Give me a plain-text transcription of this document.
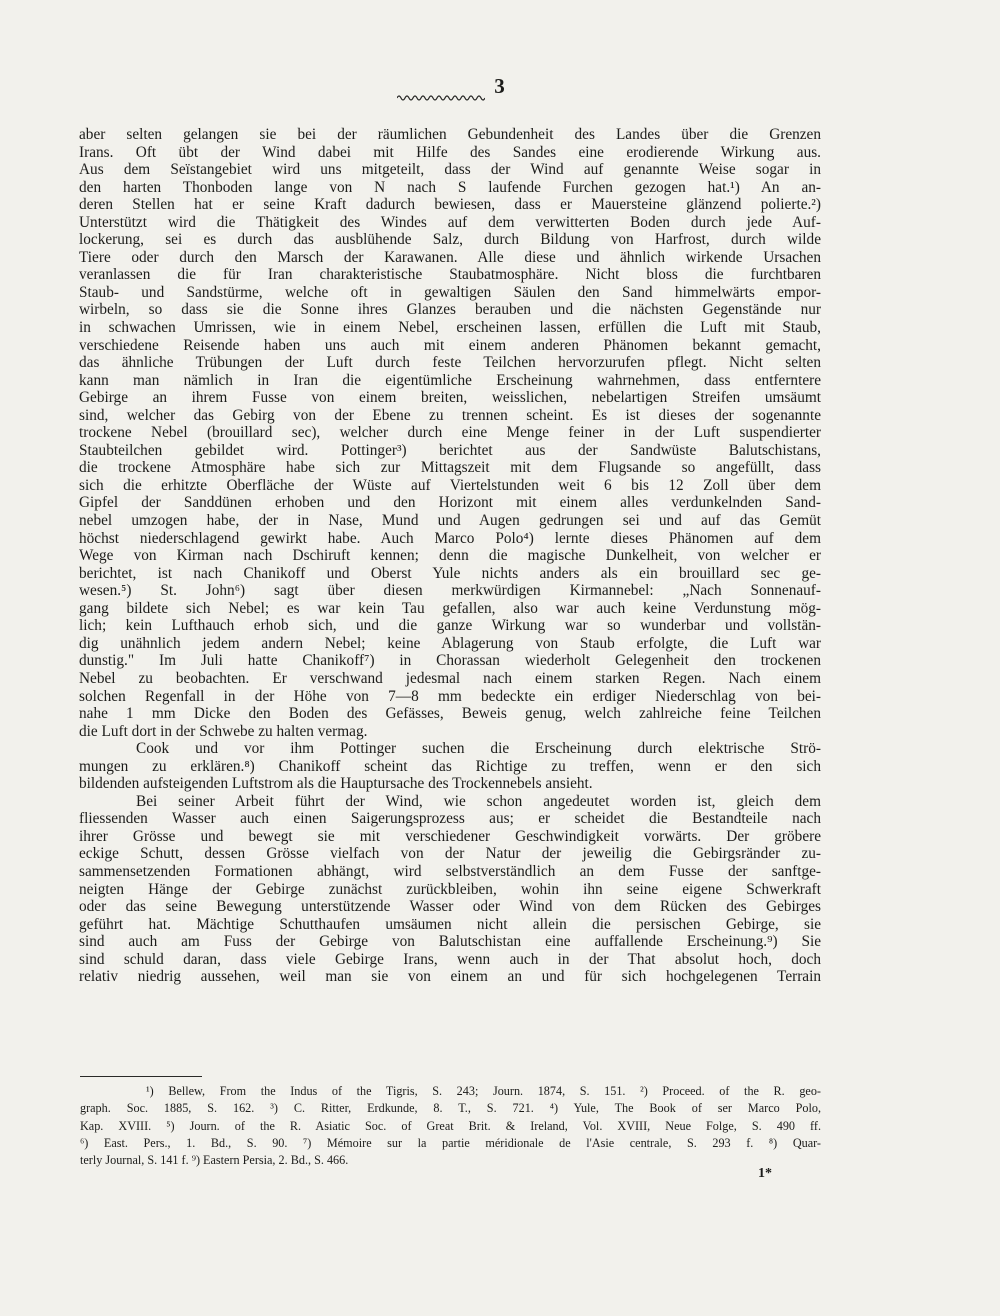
3
aber selten gelangen sie bei der räumlichen Gebundenheit des Landes über die Grenzen
Irans. Oft übt der Wind dabei mit Hilfe des Sandes eine erodierende Wirkung aus.
Aus dem Seïstangebiet wird uns mitgeteilt, dass der Wind auf genannte Weise sogar in
den harten Thonboden lange von N nach S laufende Furchen gezogen hat.¹) An an-
deren Stellen hat er seine Kraft dadurch bewiesen, dass er Mauersteine glänzend polierte.²)
Unterstützt wird die Thätigkeit des Windes auf dem verwitterten Boden durch jede Auf-
lockerung, sei es durch das ausblühende Salz, durch Bildung von Harfrost, durch wilde
Tiere oder durch den Marsch der Karawanen. Alle diese und ähnlich wirkende Ursachen
veranlassen die für Iran charakteristische Staubatmosphäre. Nicht bloss die furchtbaren
Staub- und Sandstürme, welche oft in gewaltigen Säulen den Sand himmelwärts empor-
wirbeln, so dass sie die Sonne ihres Glanzes berauben und die nächsten Gegenstände nur
in schwachen Umrissen, wie in einem Nebel, erscheinen lassen, erfüllen die Luft mit Staub,
verschiedene Reisende haben uns auch mit einem anderen Phänomen bekannt gemacht,
das ähnliche Trübungen der Luft durch feste Teilchen hervorzurufen pflegt. Nicht selten
kann man nämlich in Iran die eigentümliche Erscheinung wahrnehmen, dass entferntere
Gebirge an ihrem Fusse von einem breiten, weisslichen, nebelartigen Streifen umsäumt
sind, welcher das Gebirg von der Ebene zu trennen scheint. Es ist dieses der sogenannte
trockene Nebel (brouillard sec), welcher durch eine Menge feiner in der Luft suspendierter
Staubteilchen gebildet wird. Pottinger³) berichtet aus der Sandwüste Balutschistans,
die trockene Atmosphäre habe sich zur Mittagszeit mit dem Flugsande so angefüllt, dass
sich die erhitzte Oberfläche der Wüste auf Viertelstunden weit 6 bis 12 Zoll über dem
Gipfel der Sanddünen erhoben und den Horizont mit einem alles verdunkelnden Sand-
nebel umzogen habe, der in Nase, Mund und Augen gedrungen sei und auf das Gemüt
höchst niederschlagend gewirkt habe. Auch Marco Polo⁴) lernte dieses Phänomen auf dem
Wege von Kirman nach Dschiruft kennen; denn die magische Dunkelheit, von welcher er
berichtet, ist nach Chanikoff und Oberst Yule nichts anders als ein brouillard sec ge-
wesen.⁵) St. John⁶) sagt über diesen merkwürdigen Kirmannebel: „Nach Sonnenauf-
gang bildete sich Nebel; es war kein Tau gefallen, also war auch keine Verdunstung mög-
lich; kein Lufthauch erhob sich, und die ganze Wirkung war so wunderbar und vollstän-
dig unähnlich jedem andern Nebel; keine Ablagerung von Staub erfolgte, die Luft war
dunstig." Im Juli hatte Chanikoff⁷) in Chorassan wiederholt Gelegenheit den trockenen
Nebel zu beobachten. Er verschwand jedesmal nach einem starken Regen. Nach einem
solchen Regenfall in der Höhe von 7—8 mm bedeckte ein erdiger Niederschlag von bei-
nahe 1 mm Dicke den Boden des Gefässes, Beweis genug, welch zahlreiche feine Teilchen
die Luft dort in der Schwebe zu halten vermag.
Cook und vor ihm Pottinger suchen die Erscheinung durch elektrische Strö-
mungen zu erklären.⁸) Chanikoff scheint das Richtige zu treffen, wenn er den sich
bildenden aufsteigenden Luftstrom als die Hauptursache des Trockennebels ansieht.
Bei seiner Arbeit führt der Wind, wie schon angedeutet worden ist, gleich dem
fliessenden Wasser auch einen Saigerungsprozess aus; er scheidet die Bestandteile nach
ihrer Grösse und bewegt sie mit verschiedener Geschwindigkeit vorwärts. Der gröbere
eckige Schutt, dessen Grösse vielfach von der Natur der jeweilig die Gebirgsränder zu-
sammensetzenden Formationen abhängt, wird selbstverständlich an dem Fusse der sanftge-
neigten Hänge der Gebirge zunächst zurückbleiben, wohin ihn seine eigene Schwerkraft
oder das seine Bewegung unterstützende Wasser oder Wind von dem Rücken des Gebirges
geführt hat. Mächtige Schutthaufen umsäumen nicht allein die persischen Gebirge, sie
sind auch am Fuss der Gebirge von Balutschistan eine auffallende Erscheinung.⁹) Sie
sind schuld daran, dass viele Gebirge Irans, wenn auch in der That absolut hoch, doch
relativ niedrig aussehen, weil man sie von einem an und für sich hochgelegenen Terrain
¹) Bellew, From the Indus of the Tigris, S. 243; Journ. 1874, S. 151. ²) Proceed. of the R. geo-
graph. Soc. 1885, S. 162. ³) C. Ritter, Erdkunde, 8. T., S. 721. ⁴) Yule, The Book of ser Marco Polo,
Kap. XVIII. ⁵) Journ. of the R. Asiatic Soc. of Great Brit. & Ireland, Vol. XVIII, Neue Folge, S. 490 ff.
⁶) East. Pers., 1. Bd., S. 90. ⁷) Mémoire sur la partie méridionale de l'Asie centrale, S. 293 f. ⁸) Quar-
terly Journal, S. 141 f. ⁹) Eastern Persia, 2. Bd., S. 466.
1*
